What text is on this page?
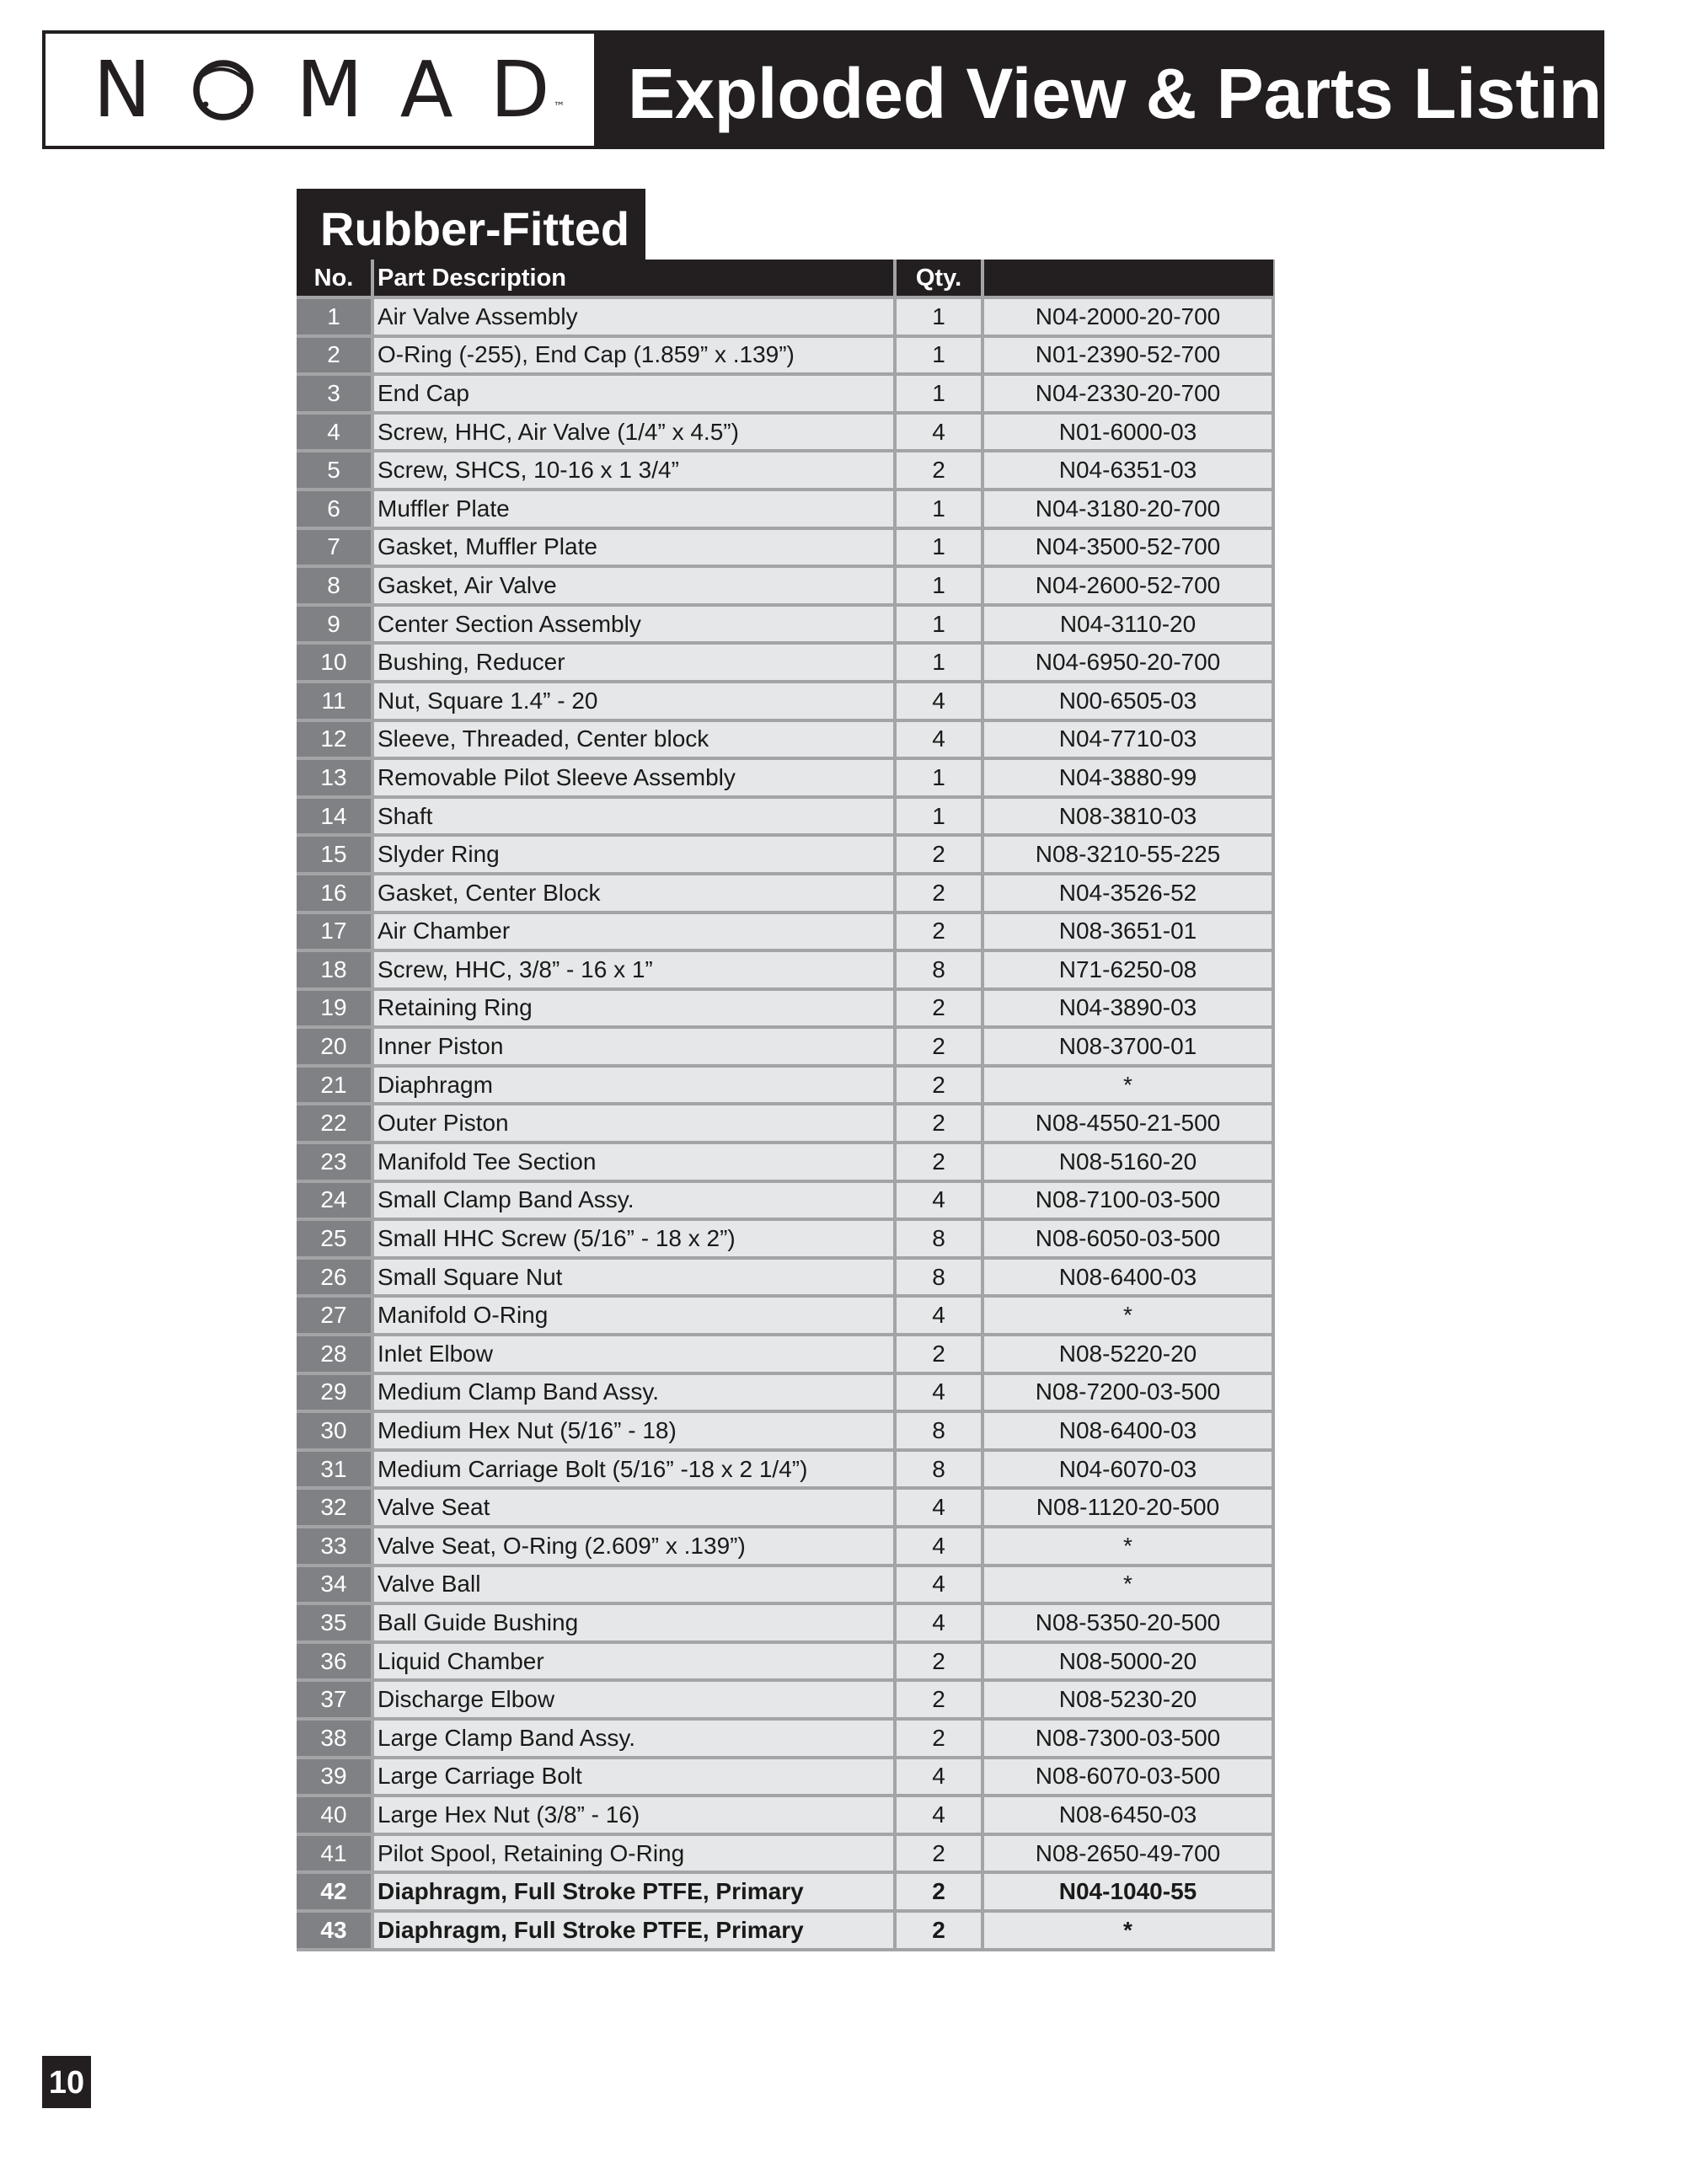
N M A D ™ Exploded View & Parts Listing
Rubber-Fitted
No.	Part Description	Qty.	
1	Air Valve Assembly	1	N04-2000-20-700
2	O-Ring (-255), End Cap (1.859” x .139”)	1	N01-2390-52-700
3	End Cap	1	N04-2330-20-700
4	Screw, HHC, Air Valve (1/4” x 4.5”)	4	N01-6000-03
5	Screw, SHCS, 10-16 x 1 3/4”	2	N04-6351-03
6	Muffler Plate	1	N04-3180-20-700
7	Gasket, Muffler Plate	1	N04-3500-52-700
8	Gasket, Air Valve	1	N04-2600-52-700
9	Center Section Assembly	1	N04-3110-20
10	Bushing, Reducer	1	N04-6950-20-700
11	Nut, Square 1.4” - 20	4	N00-6505-03
12	Sleeve, Threaded, Center block	4	N04-7710-03
13	Removable Pilot Sleeve Assembly	1	N04-3880-99
14	Shaft	1	N08-3810-03
15	Slyder Ring	2	N08-3210-55-225
16	Gasket, Center Block	2	N04-3526-52
17	Air Chamber	2	N08-3651-01
18	Screw, HHC, 3/8” - 16 x 1”	8	N71-6250-08
19	Retaining Ring	2	N04-3890-03
20	Inner Piston	2	N08-3700-01
21	Diaphragm	2	*
22	Outer Piston	2	N08-4550-21-500
23	Manifold Tee Section	2	N08-5160-20
24	Small Clamp Band Assy.	4	N08-7100-03-500
25	Small HHC Screw (5/16” - 18 x 2”)	8	N08-6050-03-500
26	Small Square Nut	8	N08-6400-03
27	Manifold O-Ring	4	*
28	Inlet Elbow	2	N08-5220-20
29	Medium Clamp Band Assy.	4	N08-7200-03-500
30	Medium Hex Nut (5/16” - 18)	8	N08-6400-03
31	Medium Carriage Bolt (5/16” -18 x 2 1/4”)	8	N04-6070-03
32	Valve Seat	4	N08-1120-20-500
33	Valve Seat, O-Ring (2.609” x .139”)	4	*
34	Valve Ball	4	*
35	Ball Guide Bushing	4	N08-5350-20-500
36	Liquid Chamber	2	N08-5000-20
37	Discharge Elbow	2	N08-5230-20
38	Large Clamp Band Assy.	2	N08-7300-03-500
39	Large Carriage Bolt	4	N08-6070-03-500
40	Large Hex Nut (3/8” - 16)	4	N08-6450-03
41	Pilot Spool, Retaining O-Ring	2	N08-2650-49-700
42	Diaphragm, Full Stroke PTFE, Primary	2	N04-1040-55
43	Diaphragm, Full Stroke PTFE, Primary	2	*
10
